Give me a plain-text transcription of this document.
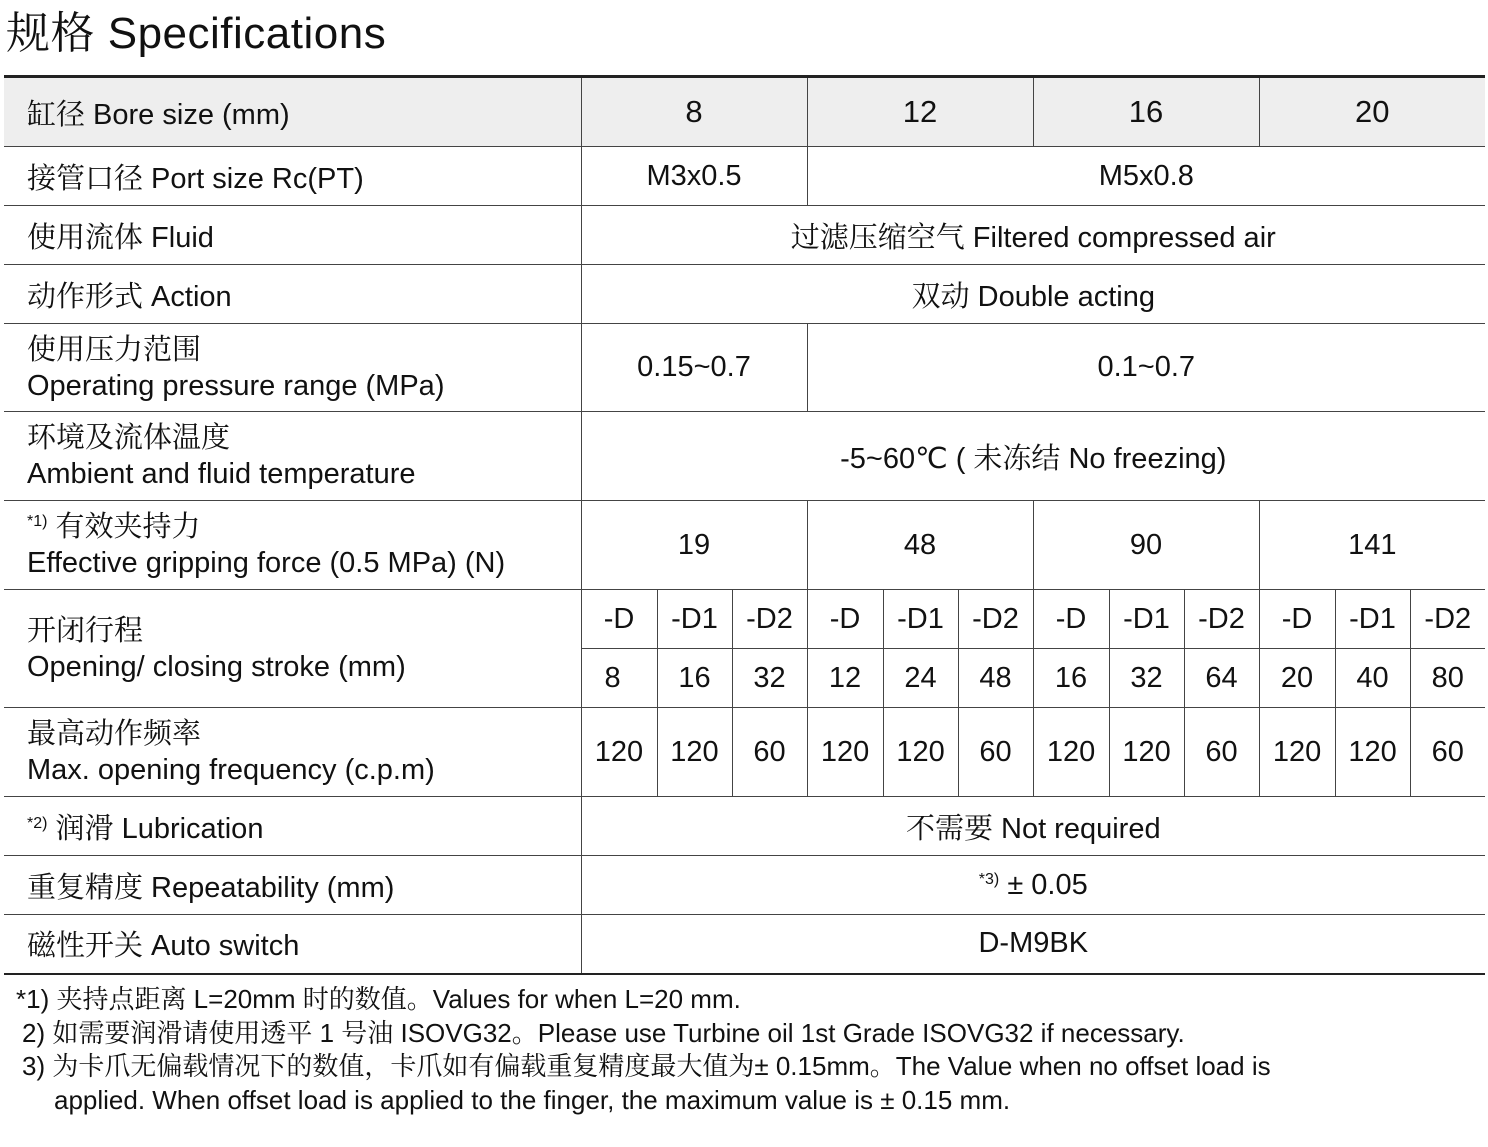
规格 Specifications
缸径 Bore size (mm)	8			12			16			20		
接管口径 Port size Rc(PT)	M3x0.5			M5x0.8								
使用流体 Fluid	过滤压缩空气 Filtered compressed air											
动作形式 Action	双动 Double acting											

使用压力范围
Operating pressure range (MPa)	0.15~0.7			0.1~0.7								

环境及流体温度
Ambient and fluid temperature	-5~60℃ ( 未冻结 No freezing)											

$^{*1)}$ 有效夹持力
Effective gripping force (0.5 MPa) (N)	19			48			90			141		

开闭行程
Opening/ closing stroke (mm)	-D	-D1	-D2	-D	-D1	-D2	-D	-D1	-D2	-D	-D1	-D2
	8	16	32	12	24	48	16	32	64	20	40	80

最高动作频率
Max. opening frequency (c.p.m)	120	120	60	120	120	60	120	120	60	120	120	60
$^{*2)}$ 润滑 Lubrication	不需要 Not required											
重复精度 Repeatability (mm)	$^{*3)}$ ± 0.05											
磁性开关 Auto switch	D-M9BK											
*1) 夹持点距离 L=20mm 时的数值。Values for when L=20 mm.
2) 如需要润滑请使用透平 1 号油 ISOVG32。Please use Turbine oil 1st Grade ISOVG32 if necessary.
3) 为卡爪无偏载情况下的数值，卡爪如有偏载重复精度最大值为± 0.15mm。The Value when no offset load is
applied. When offset load is applied to the finger, the maximum value is ± 0.15 mm.
